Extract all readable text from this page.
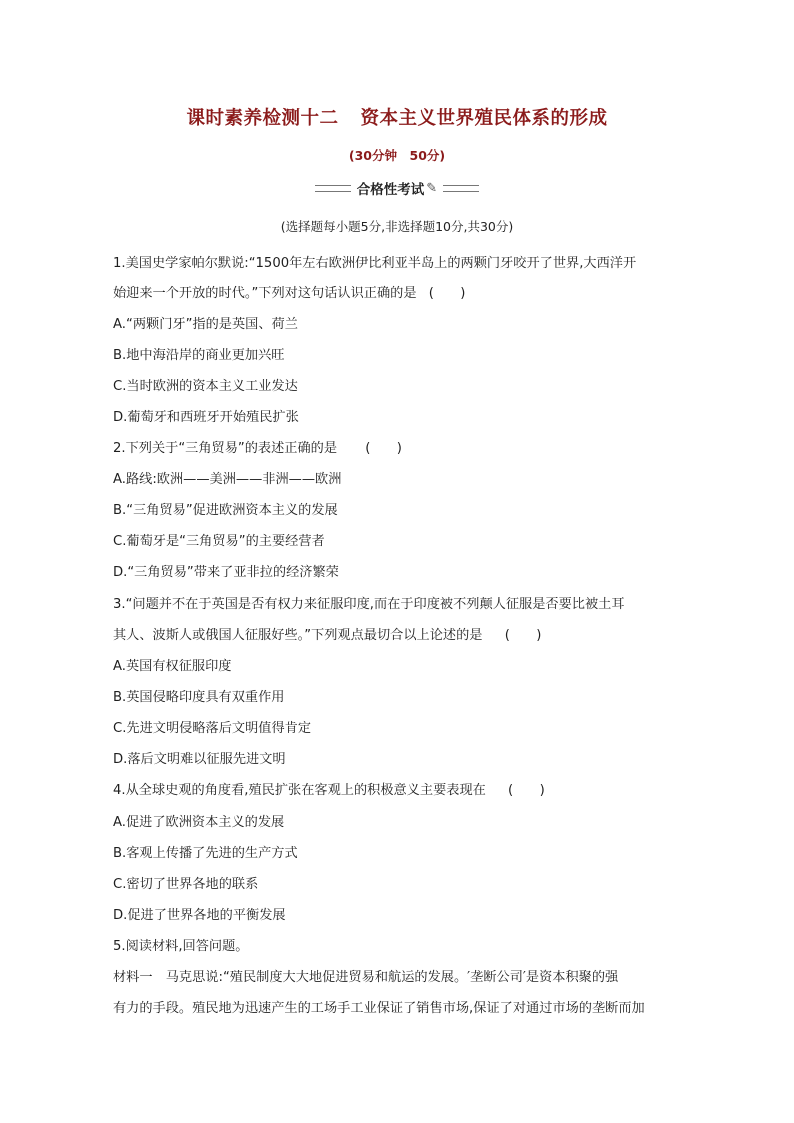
课时素养检测十二 资本主义世界殖民体系的形成
(30分钟　50分)
合格性考试 ✎
(选择题每小题5分,非选择题10分,共30分)
1.美国史学家帕尔默说:“1500年左右欧洲伊比利亚半岛上的两颗门牙咬开了世界,大西洋开
始迎来一个开放的时代。”下列对这句话认识正确的是 (　　)
A.“两颗门牙”指的是英国、荷兰
B.地中海沿岸的商业更加兴旺
C.当时欧洲的资本主义工业发达
D.葡萄牙和西班牙开始殖民扩张
2.下列关于“三角贸易”的表述正确的是 (　　)
A.路线:欧洲——美洲——非洲——欧洲
B.“三角贸易”促进欧洲资本主义的发展
C.葡萄牙是“三角贸易”的主要经营者
D.“三角贸易”带来了亚非拉的经济繁荣
3.“问题并不在于英国是否有权力来征服印度,而在于印度被不列颠人征服是否要比被土耳
其人、波斯人或俄国人征服好些。”下列观点最切合以上论述的是 (　　)
A.英国有权征服印度
B.英国侵略印度具有双重作用
C.先进文明侵略落后文明值得肯定
D.落后文明难以征服先进文明
4.从全球史观的角度看,殖民扩张在客观上的积极意义主要表现在 (　　)
A.促进了欧洲资本主义的发展
B.客观上传播了先进的生产方式
C.密切了世界各地的联系
D.促进了世界各地的平衡发展
5.阅读材料,回答问题。
材料一　马克思说:“殖民制度大大地促进贸易和航运的发展。′垄断公司′是资本积聚的强
有力的手段。殖民地为迅速产生的工场手工业保证了销售市场,保证了对通过市场的垄断而加
